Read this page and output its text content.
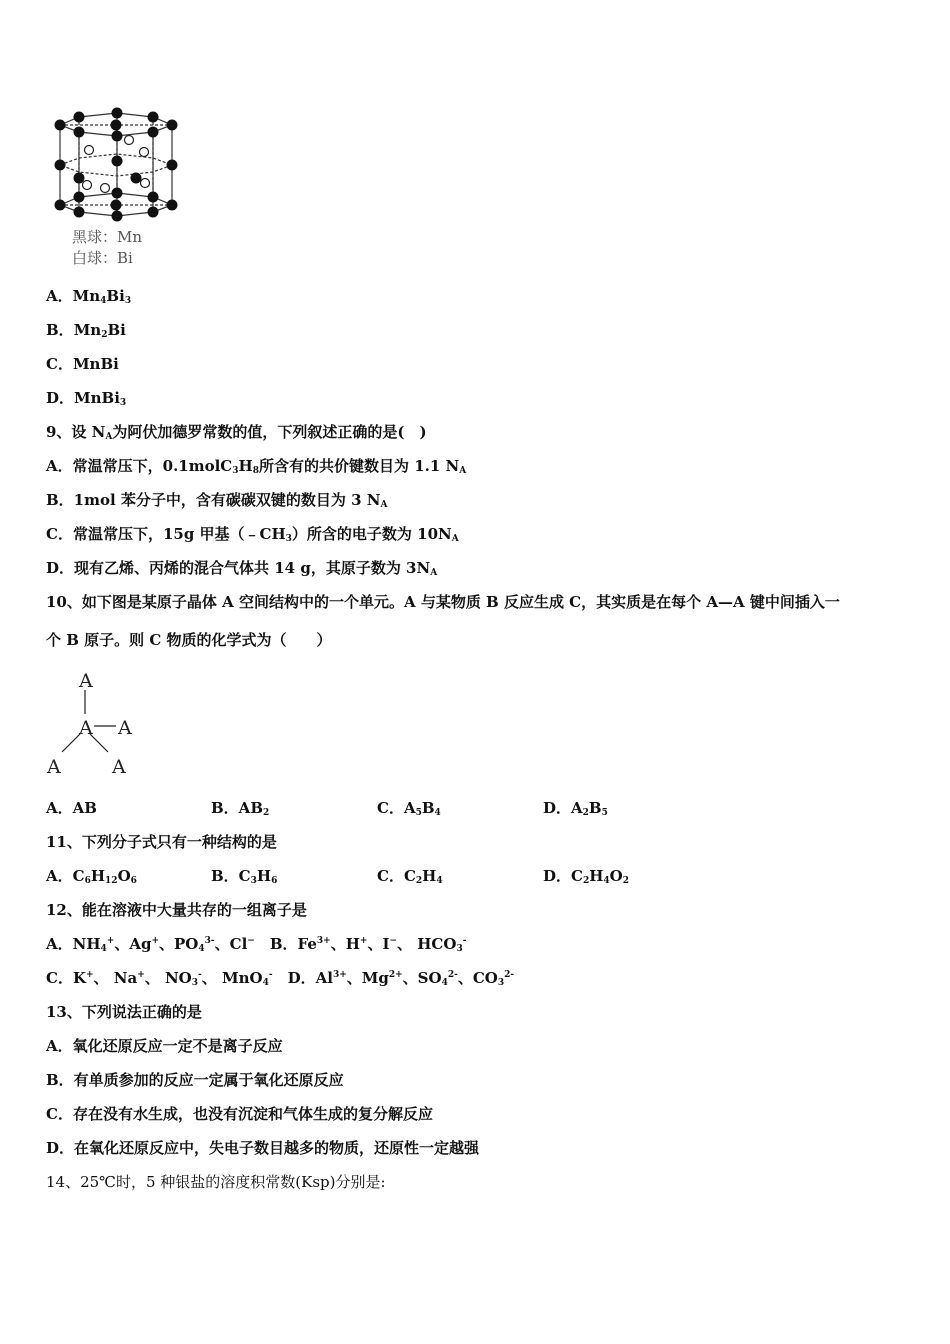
黑球：Mn
白球：Bi
A．$Mn_4Bi_3$
B．$Mn_2Bi$
C．MnBi
D．MnBi$_3$
9、设 $N_A$为阿伏加德罗常数的值，下列叙述正确的是(　)
A．常温常压下，$0.1molC_3H_8$所含有的共价键数目为 1.1 $N_A$
B．1mol 苯分子中，含有碳碳双键的数目为 3 $N_A$
C．常温常压下，15g 甲基$(﹣CH_3)$所含的电子数为 $10N_A$
D．现有乙烯、丙烯的混合气体共 14 g，其原子数为 $3N_A$
10、如下图是某原子晶体 A 空间结构中的一个单元。A 与某物质 B 反应生成 C，其实质是在每个 A—A 键中间插入一
个 B 原子。则 C 物质的化学式为（　　）
A
A A
A	A
A．AB	B．$AB_2$	C．$A_5B_4$	D．$A_2B_5$
11、下列分子式只有一种结构的是
A．$C_6H_{12}O_6$	B．$C_3H_6$	C．$C_2H_4$	D．$C_2H_4O_2$
12、能在溶液中大量共存的一组离子是
A．$NH_4^+$、Ag+、$PO_4^{3-}$、Cl−　B．$Fe^{3+}$、H+、I−、 $HCO_3^-$
C．K+、 Na+、 $NO_3^-$、 MnO$_4$-　D．$Al^{3+}$、$Mg^{2+}$、$SO_4^{2-}$、$CO_3^{2-}$
13、下列说法正确的是
A．氧化还原反应一定不是离子反应
B．有单质参加的反应一定属于氧化还原反应
C．存在没有水生成，也没有沉淀和气体生成的复分解反应
D．在氧化还原反应中，失电子数目越多的物质，还原性一定越强
14、25℃时，5 种银盐的溶度积常数(Ksp)分别是:
